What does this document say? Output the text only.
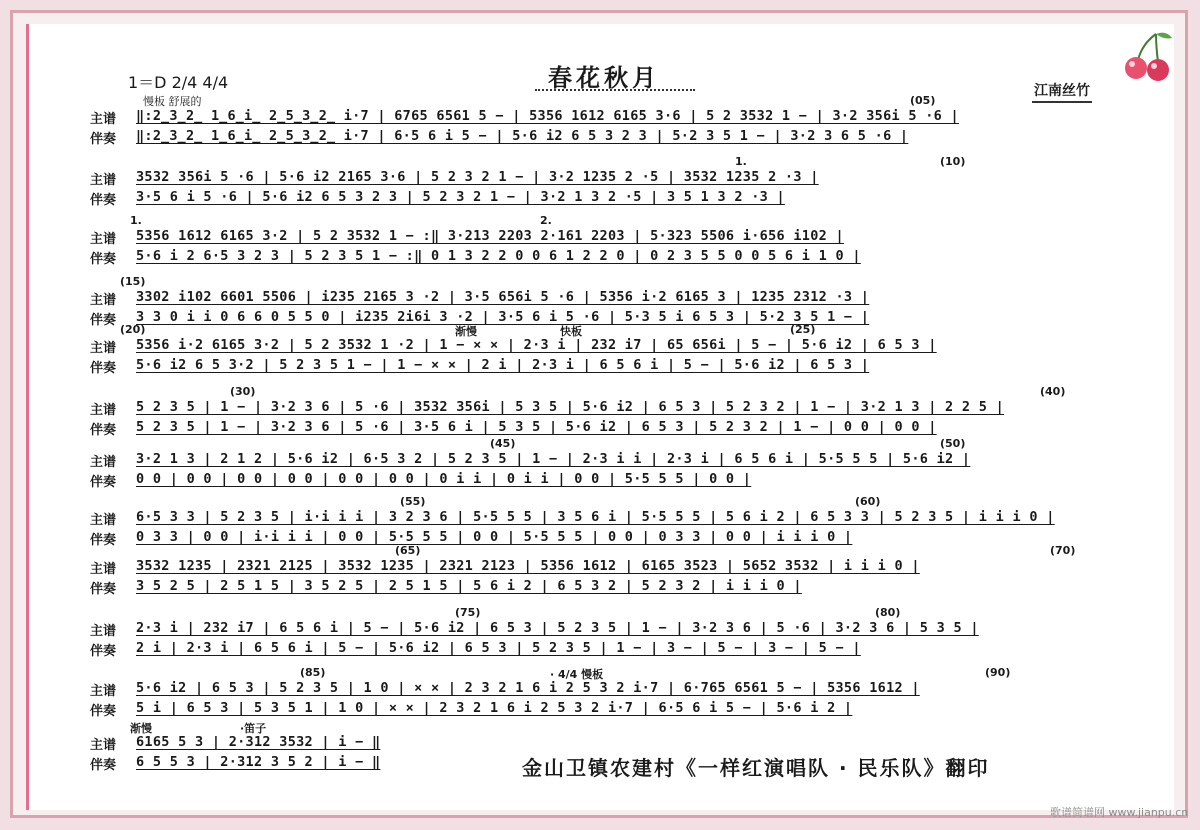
1＝D 2/4 4/4
慢板 舒展的
春花秋月	江南丝竹
(05)
主谱	‖:2̲3̲2̲ 1̲6̲i̲ 2̲5̲3̲2̲ i·7 | 6765 6561 5 − | 5356 1612 6165 3·6 | 5 2 3532 1 − | 3·2 356i 5 ·6 |
伴奏	‖:2̲3̲2̲ 1̲6̲i̲ 2̲5̲3̲2̲ i·7 | 6·5 6 i 5 − | 5·6 i2 6 5 3 2 3 | 5·2 3 5 1 − | 3·2 3 6 5 ·6 |
(10)
1.
主谱	3532 356i 5 ·6 | 5·6 i2 2165 3·6 | 5 2 3 2 1 − | 3·2 1235 2 ·5 | 3532 1235 2 ·3 |
伴奏	3·5 6 i 5 ·6 | 5·6 i2 6 5 3 2 3 | 5 2 3 2 1 − | 3·2 1 3 2 ·5 | 3 5 1 3 2 ·3 |
1.	2.
主谱	5356 1612 6165 3·2 | 5 2 3532 1 − :‖ 3·213 2203 2·161 2203 | 5·323 5506 i·656 i102 |
伴奏	5·6 i 2 6·5 3 2 3 | 5 2 3 5 1 − :‖ 0 1 3 2 2 0 0 6 1 2 2 0 | 0 2 3 5 5 0 0 5 6 i 1 0 |
(15)
主谱	3302 i102 6601 5506 | i235 2165 3 ·2 | 3·5 656i 5 ·6 | 5356 i·2 6165 3 | 1235 2312 ·3 |
伴奏	3 3 0 i i 0 6 6 0 5 5 0 | i235 2i6i 3 ·2 | 3·5 6 i 5 ·6 | 5·3 5 i 6 5 3 | 5·2 3 5 1 − |
(20)	渐慢	快板	(25)
主谱	5356 i·2 6165 3·2 | 5 2 3532 1 ·2 | 1 − × × | 2·3 i | 232 i7 | 65 656i | 5 − | 5·6 i2 | 6 5 3 |
伴奏	5·6 i2 6 5 3·2 | 5 2 3 5 1 − | 1 − × × | 2 i | 2·3 i | 6 5 6 i | 5 − | 5·6 i2 | 6 5 3 |
(30)	(40)
主谱	5 2 3 5 | 1 − | 3·2 3 6 | 5 ·6 | 3532 356i | 5 3 5 | 5·6 i2 | 6 5 3 | 5 2 3 2 | 1 − | 3·2 1 3 | 2 2 5 |
伴奏	5 2 3 5 | 1 − | 3·2 3 6 | 5 ·6 | 3·5 6 i | 5 3 5 | 5·6 i2 | 6 5 3 | 5 2 3 2 | 1 − | 0 0 | 0 0 |
(45)	(50)
主谱	3·2 1 3 | 2 1 2 | 5·6 i2 | 6·5 3 2 | 5 2 3 5 | 1 − | 2·3 i i | 2·3 i | 6 5 6 i | 5·5 5 5 | 5·6 i2 |
伴奏	0 0 | 0 0 | 0 0 | 0 0 | 0 0 | 0 0 | 0 i i | 0 i i | 0 0 | 5·5 5 5 | 0 0 |
(55)	(60)
主谱	6·5 3 3 | 5 2 3 5 | i·i i i | 3 2 3 6 | 5·5 5 5 | 3 5 6 i | 5·5 5 5 | 5 6 i 2 | 6 5 3 3 | 5 2 3 5 | i i i 0 |
伴奏	0 3 3 | 0 0 | i·i i i | 0 0 | 5·5 5 5 | 0 0 | 5·5 5 5 | 0 0 | 0 3 3 | 0 0 | i i i 0 |
(65)	(70)
主谱	3532 1235 | 2321 2125 | 3532 1235 | 2321 2123 | 5356 1612 | 6165 3523 | 5652 3532 | i i i 0 |
伴奏	3 5 2 5 | 2 5 1 5 | 3 5 2 5 | 2 5 1 5 | 5 6 i 2 | 6 5 3 2 | 5 2 3 2 | i i i 0 |
(75)	(80)
主谱	2·3 i | 232 i7 | 6 5 6 i | 5 − | 5·6 i2 | 6 5 3 | 5 2 3 5 | 1 − | 3·2 3 6 | 5 ·6 | 3·2 3 6 | 5 3 5 |
伴奏	2 i | 2·3 i | 6 5 6 i | 5 − | 5·6 i2 | 6 5 3 | 5 2 3 5 | 1 − | 3 − | 5 − | 3 − | 5 − |
(85)	· 4/4 慢板	(90)
主谱	5·6 i2 | 6 5 3 | 5 2 3 5 | 1 0 | × × | 2 3 2 1 6 i 2 5 3 2 i·7 | 6·765 6561 5 − | 5356 1612 |
伴奏	5 i | 6 5 3 | 5 3 5 1 | 1 0 | × × | 2 3 2 1 6 i 2 5 3 2 i·7 | 6·5 6 i 5 − | 5·6 i 2 |
渐慢	·笛子
主谱	6165 5 3 | 2·312 3532 | i − ‖
伴奏	6 5 5 3 | 2·312 3 5 2 | i − ‖	金山卫镇农建村《一样红演唱队 · 民乐队》翻印
歌谱简谱网 www.jianpu.cn
